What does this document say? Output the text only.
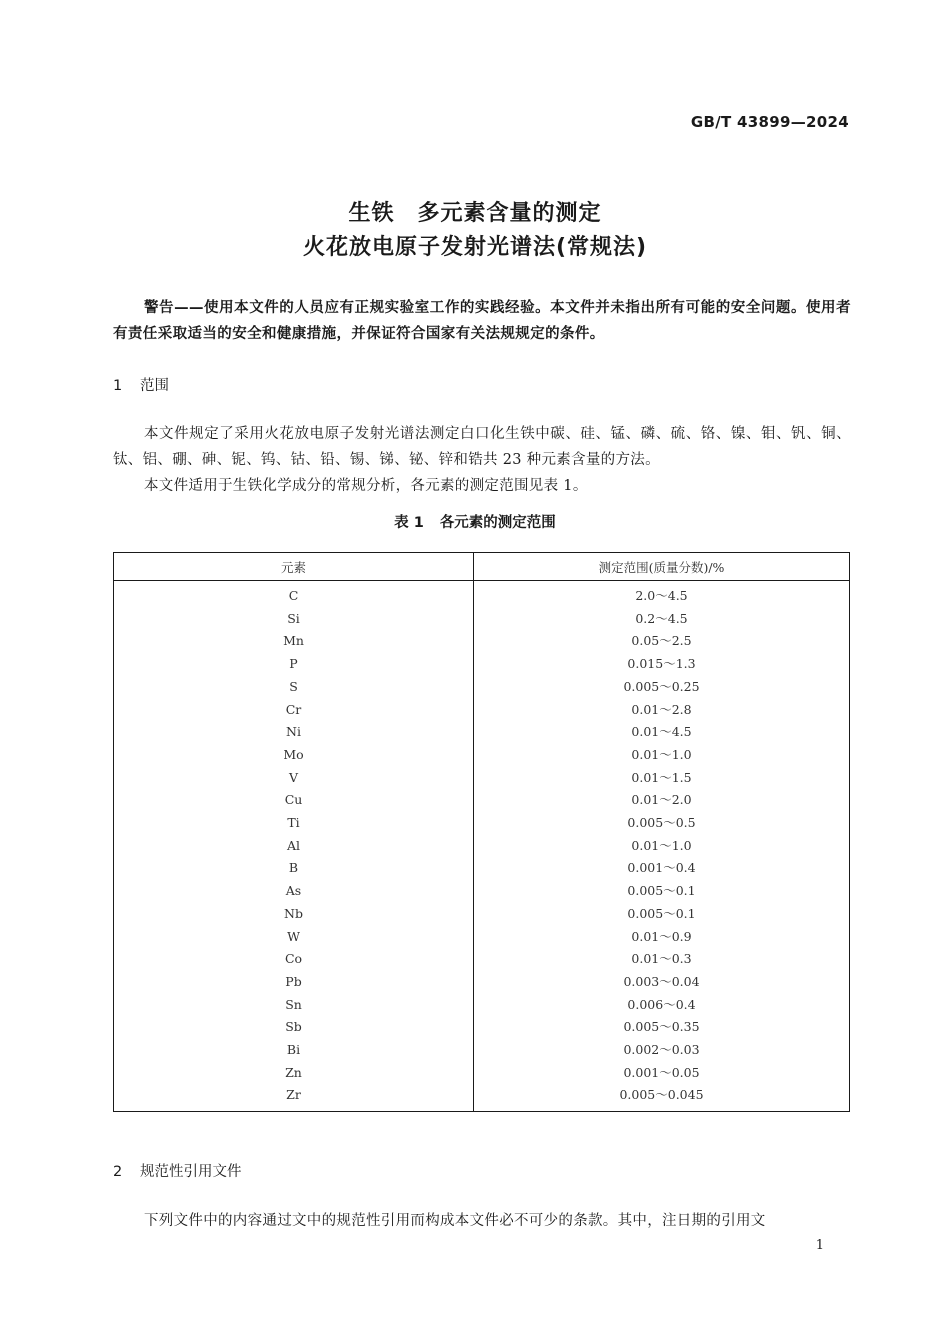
GB/T 43899—2024
生铁　多元素含量的测定
火花放电原子发射光谱法(常规法)
警告——使用本文件的人员应有正规实验室工作的实践经验。本文件并未指出所有可能的安全问题。使用者有责任采取适当的安全和健康措施，并保证符合国家有关法规规定的条件。
1 范围
本文件规定了采用火花放电原子发射光谱法测定白口化生铁中碳、硅、锰、磷、硫、铬、镍、钼、钒、铜、钛、铝、硼、砷、铌、钨、钴、铅、锡、锑、铋、锌和锆共 23 种元素含量的方法。
本文件适用于生铁化学成分的常规分析，各元素的测定范围见表 1。
表 1 各元素的测定范围
元素	测定范围(质量分数)/%
C	2.0～4.5
Si	0.2～4.5
Mn	0.05～2.5
P	0.015～1.3
S	0.005～0.25
Cr	0.01～2.8
Ni	0.01～4.5
Mo	0.01～1.0
V	0.01～1.5
Cu	0.01～2.0
Ti	0.005～0.5
Al	0.01～1.0
B	0.001～0.4
As	0.005～0.1
Nb	0.005～0.1
W	0.01～0.9
Co	0.01～0.3
Pb	0.003～0.04
Sn	0.006～0.4
Sb	0.005～0.35
Bi	0.002～0.03
Zn	0.001～0.05
Zr	0.005～0.045
2 规范性引用文件
下列文件中的内容通过文中的规范性引用而构成本文件必不可少的条款。其中，注日期的引用文
1
